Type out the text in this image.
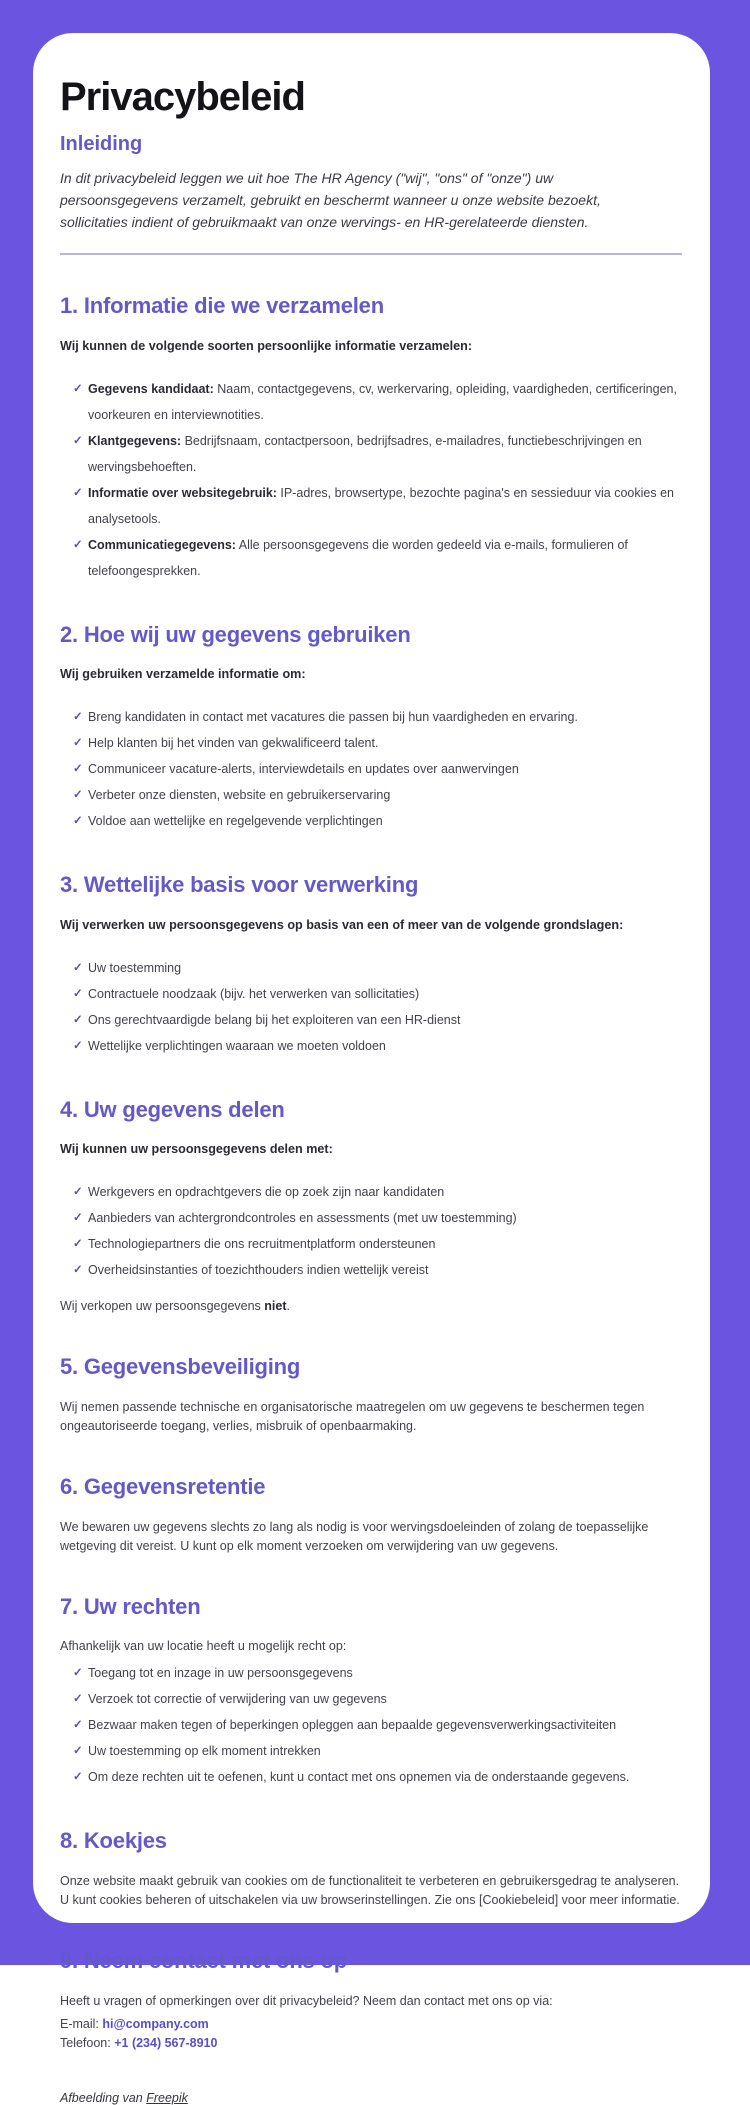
Privacybeleid
Inleiding

In dit privacybeleid leggen we uit hoe The HR Agency ("wij", "ons" of "onze") uw persoonsgegevens verzamelt, gebruikt en beschermt wanneer u onze website bezoekt, sollicitaties indient of gebruikmaakt van onze wervings- en HR-gerelateerde diensten.

1. Informatie die we verzamelen

Wij kunnen de volgende soorten persoonlijke informatie verzamelen:

✓ Gegevens kandidaat: Naam, contactgegevens, cv, werkervaring, opleiding, vaardigheden, certificeringen, voorkeuren en interviewnotities.
✓ Klantgegevens: Bedrijfsnaam, contactpersoon, bedrijfsadres, e-mailadres, functiebeschrijvingen en wervingsbehoeften.
✓ Informatie over websitegebruik: IP-adres, browsertype, bezochte pagina's en sessieduur via cookies en analysetools.
✓ Communicatiegegevens: Alle persoonsgegevens die worden gedeeld via e-mails, formulieren of telefoongesprekken.
2. Hoe wij uw gegevens gebruiken

Wij gebruiken verzamelde informatie om:

✓ Breng kandidaten in contact met vacatures die passen bij hun vaardigheden en ervaring.
✓ Help klanten bij het vinden van gekwalificeerd talent.
✓ Communiceer vacature-alerts, interviewdetails en updates over aanwervingen
✓ Verbeter onze diensten, website en gebruikerservaring
✓ Voldoe aan wettelijke en regelgevende verplichtingen
3. Wettelijke basis voor verwerking

Wij verwerken uw persoonsgegevens op basis van een of meer van de volgende grondslagen:

✓ Uw toestemming
✓ Contractuele noodzaak (bijv. het verwerken van sollicitaties)
✓ Ons gerechtvaardigde belang bij het exploiteren van een HR-dienst
✓ Wettelijke verplichtingen waaraan we moeten voldoen
4. Uw gegevens delen

Wij kunnen uw persoonsgegevens delen met:

✓ Werkgevers en opdrachtgevers die op zoek zijn naar kandidaten
✓ Aanbieders van achtergrondcontroles en assessments (met uw toestemming)
✓ Technologiepartners die ons recruitmentplatform ondersteunen
✓ Overheidsinstanties of toezichthouders indien wettelijk vereist

Wij verkopen uw persoonsgegevens niet.

5. Gegevensbeveiliging

Wij nemen passende technische en organisatorische maatregelen om uw gegevens te beschermen tegen ongeautoriseerde toegang, verlies, misbruik of openbaarmaking.

6. Gegevensretentie

We bewaren uw gegevens slechts zo lang als nodig is voor wervingsdoeleinden of zolang de toepasselijke wetgeving dit vereist. U kunt op elk moment verzoeken om verwijdering van uw gegevens.

7. Uw rechten

Afhankelijk van uw locatie heeft u mogelijk recht op:

✓ Toegang tot en inzage in uw persoonsgegevens
✓ Verzoek tot correctie of verwijdering van uw gegevens
✓ Bezwaar maken tegen of beperkingen opleggen aan bepaalde gegevensverwerkingsactiviteiten
✓ Uw toestemming op elk moment intrekken
✓ Om deze rechten uit te oefenen, kunt u contact met ons opnemen via de onderstaande gegevens.
8. Koekjes

Onze website maakt gebruik van cookies om de functionaliteit te verbeteren en gebruikersgedrag te analyseren. U kunt cookies beheren of uitschakelen via uw browserinstellingen. Zie ons [Cookiebeleid] voor meer informatie.

9. Neem contact met ons op

Heeft u vragen of opmerkingen over dit privacybeleid? Neem dan contact met ons op via:

E-mail: hi@company.com

Telefoon: +1 (234) 567-8910

Afbeelding van Freepik
